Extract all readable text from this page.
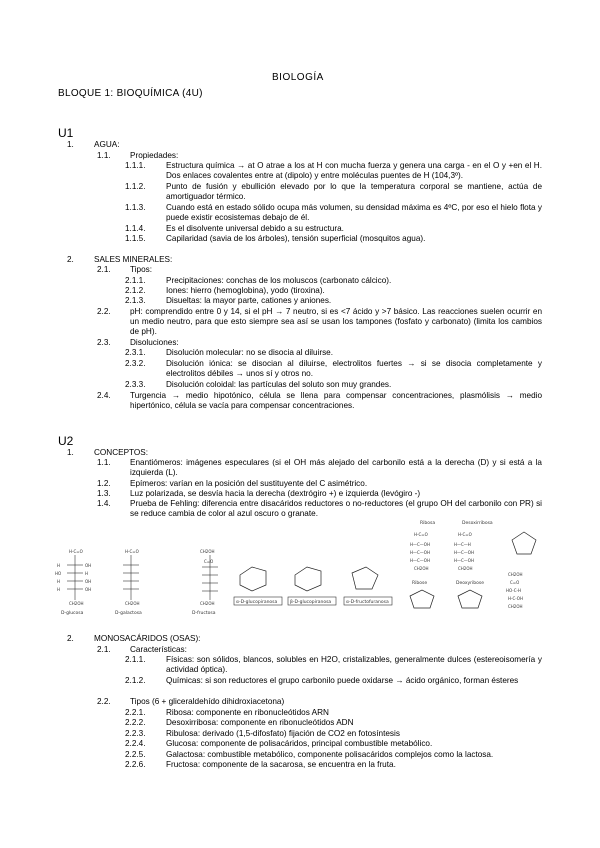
BIOLOGÍA
BLOQUE 1: BIOQUÍMICA (4U)
U1
1. AGUA:
1.1. Propiedades:
1.1.1.	Estructura química → at O atrae a los at H con mucha fuerza y genera una carga - en el O y +en el H. Dos enlaces covalentes entre at (dipolo) y entre moléculas puentes de H (104,3º).
1.1.2.	Punto de fusión y ebullición elevado por lo que la temperatura corporal se mantiene, actúa de amortiguador térmico.
1.1.3.	Cuando está en estado sólido ocupa más volumen, su densidad máxima es 4ºC, por eso el hielo flota y puede existir ecosistemas debajo de él.
1.1.4.	Es el disolvente universal debido a su estructura.
1.1.5.	Capilaridad (savia de los árboles), tensión superficial (mosquitos agua).
2. SALES MINERALES:
2.1. Tipos:
2.1.1.	Precipitaciones: conchas de los moluscos (carbonato cálcico).
2.1.2.	Iones: hierro (hemoglobina), yodo (tiroxina).
2.1.3.	Disueltas: la mayor parte, cationes y aniones.
2.2. pH: comprendido entre 0 y 14, si el pH → 7 neutro, si es <7 ácido y >7 básico. Las reacciones suelen ocurrir en un medio neutro, para que esto siempre sea así se usan los tampones (fosfato y carbonato) (limita los cambios de pH).
2.3. Disoluciones:
2.3.1.	Disolución molecular: no se disocia al diluirse.
2.3.2.	Disolución iónica: se disocian al diluirse, electrolitos fuertes → si se disocia completamente y electrolitos débiles → unos sí y otros no.
2.3.3.	Disolución coloidal: las partículas del soluto son muy grandes.
2.4. Turgencia → medio hipotónico, célula se llena para compensar concentraciones, plasmólisis → medio hipertónico, célula se vacía para compensar concentraciones.
U2
1. CONCEPTOS:
1.1. Enantiómeros: imágenes especulares (si el OH más alejado del carbonilo está a la derecha (D) y si está a la izquierda (L).
1.2. Epímeros: varían en la posición del sustituyente del C asimétrico.
1.3. Luz polarizada, se desvía hacia la derecha (dextrógiro +) e izquierda (levógiro -)
1.4. Prueba de Fehling: diferencia entre disacáridos reductores o no-reductores (el grupo OH del carbonilo con PR) si se reduce cambia de color al azul oscuro o granate.
H-C=O	H-C=O
H	OH
HO	H
H	OH
H	OH
CH2OH	CH2OH
D-glucosa	D-galactosa
CH2OH
C=O
CH2OH
D-fructosa
α-D-glucopiranosa	β-D-glucopiranosa	α-D-fructofuranosa
Ribosa	Desoxirribosa
H-C=O	H-C=O
H—C—OH	H—C—H
H—C—OH	H—C—OH
H—C—OH	H—C—OH
CH2OH	CH2OH
Ribose	Deoxyribose
CH2OH
C=O
HO-C-H
H-C-OH
CH2OH
2. MONOSACÁRIDOS (OSAS):
2.1. Características:
2.1.1.	Físicas: son sólidos, blancos, solubles en H2O, cristalizables, generalmente dulces (estereoisomería y actividad óptica).
2.1.2.	Químicas: si son reductores el grupo carbonilo puede oxidarse → ácido orgánico, forman ésteres
2.2. Tipos (6 + gliceraldehído dihidroxiacetona)
2.2.1.	Ribosa: componente en ribonucleótidos ARN
2.2.2.	Desoxirribosa: componente en ribonucleótidos ADN
2.2.3.	Ribulosa: derivado (1,5-difosfato) fijación de CO2 en fotosíntesis
2.2.4.	Glucosa: componente de polisacáridos, principal combustible metabólico.
2.2.5.	Galactosa: combustible metabólico, componente polisacáridos complejos como la lactosa.
2.2.6.	Fructosa: componente de la sacarosa, se encuentra en la fruta.
